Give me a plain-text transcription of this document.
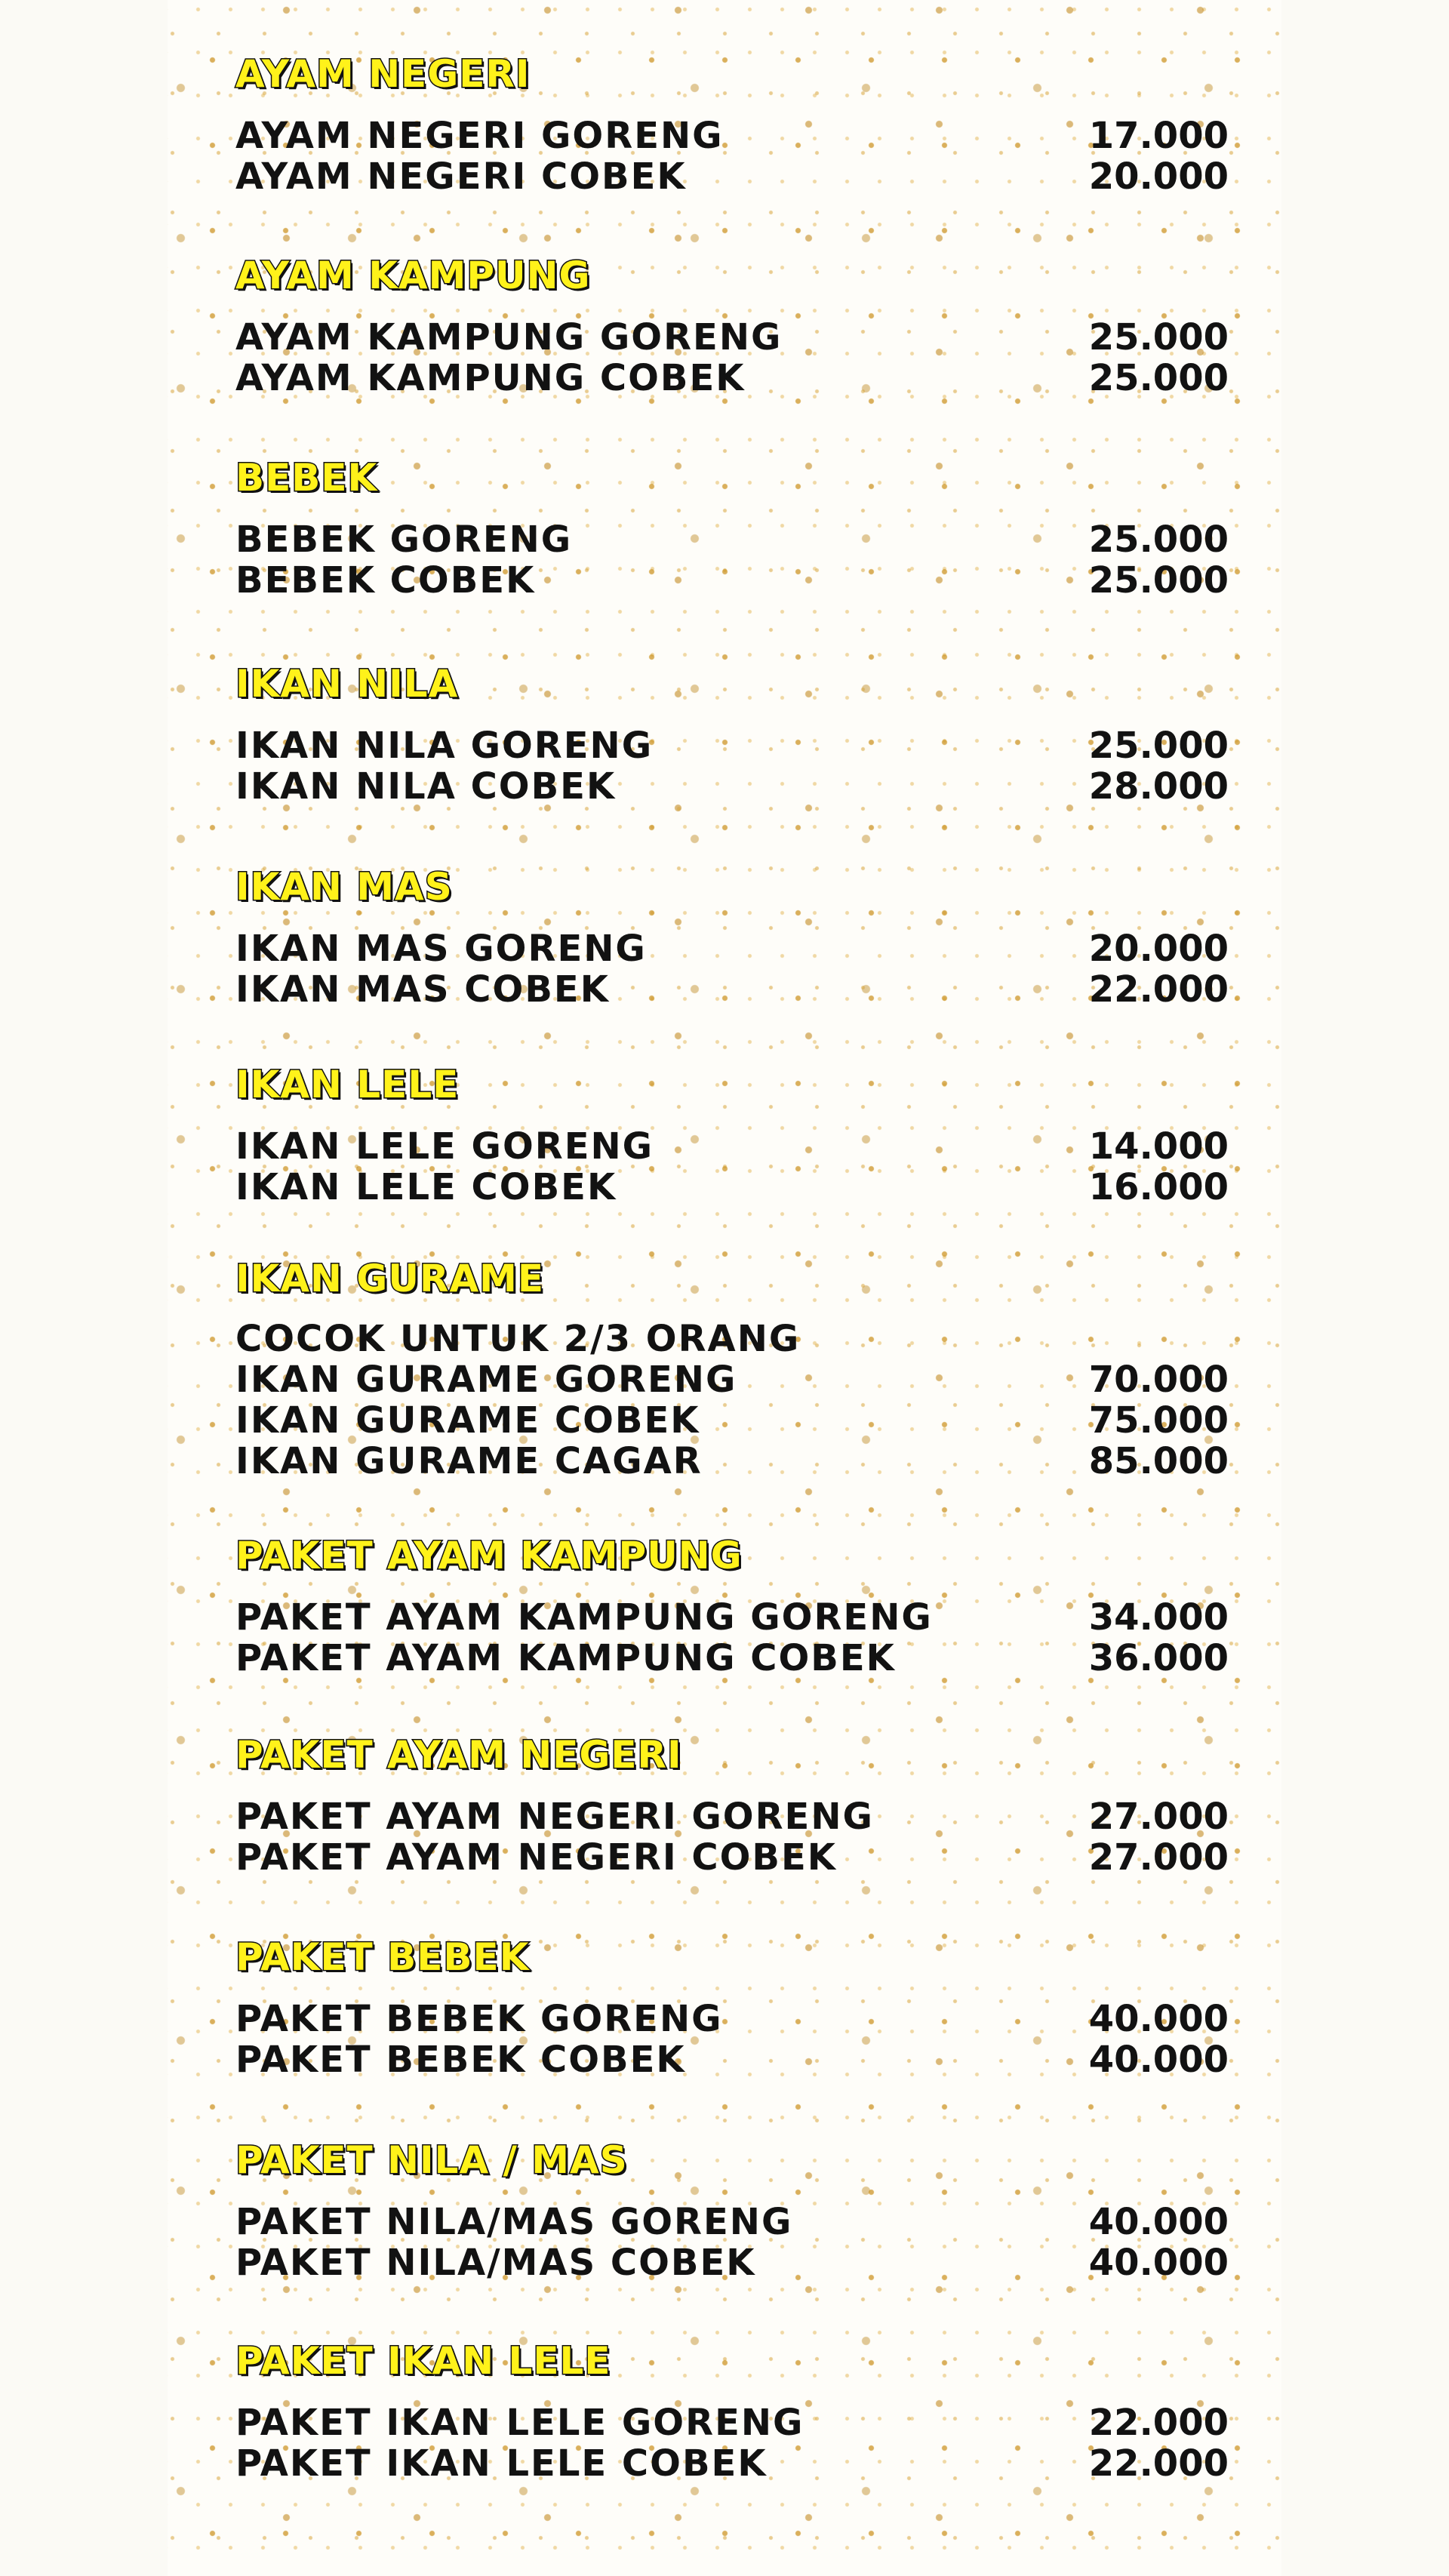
AYAM NEGERI
AYAM NEGERI GORENG	17.000
AYAM NEGERI COBEK	20.000
AYAM KAMPUNG
AYAM KAMPUNG GORENG	25.000
AYAM KAMPUNG COBEK	25.000
BEBEK
BEBEK GORENG	25.000
BEBEK COBEK	25.000
IKAN NILA
IKAN NILA GORENG	25.000
IKAN NILA COBEK	28.000
IKAN MAS
IKAN MAS GORENG	20.000
IKAN MAS COBEK	22.000
IKAN LELE
IKAN LELE GORENG	14.000
IKAN LELE COBEK	16.000
IKAN GURAME
COCOK UNTUK 2/3 ORANG
IKAN GURAME GORENG	70.000
IKAN GURAME COBEK	75.000
IKAN GURAME CAGAR	85.000
PAKET AYAM KAMPUNG
PAKET AYAM KAMPUNG GORENG	34.000
PAKET AYAM KAMPUNG COBEK	36.000
PAKET AYAM NEGERI
PAKET AYAM NEGERI GORENG	27.000
PAKET AYAM NEGERI COBEK	27.000
PAKET BEBEK
PAKET BEBEK GORENG	40.000
PAKET BEBEK COBEK	40.000
PAKET NILA / MAS
PAKET NILA/MAS GORENG	40.000
PAKET NILA/MAS COBEK	40.000
PAKET IKAN LELE
PAKET IKAN LELE GORENG	22.000
PAKET IKAN LELE COBEK	22.000
